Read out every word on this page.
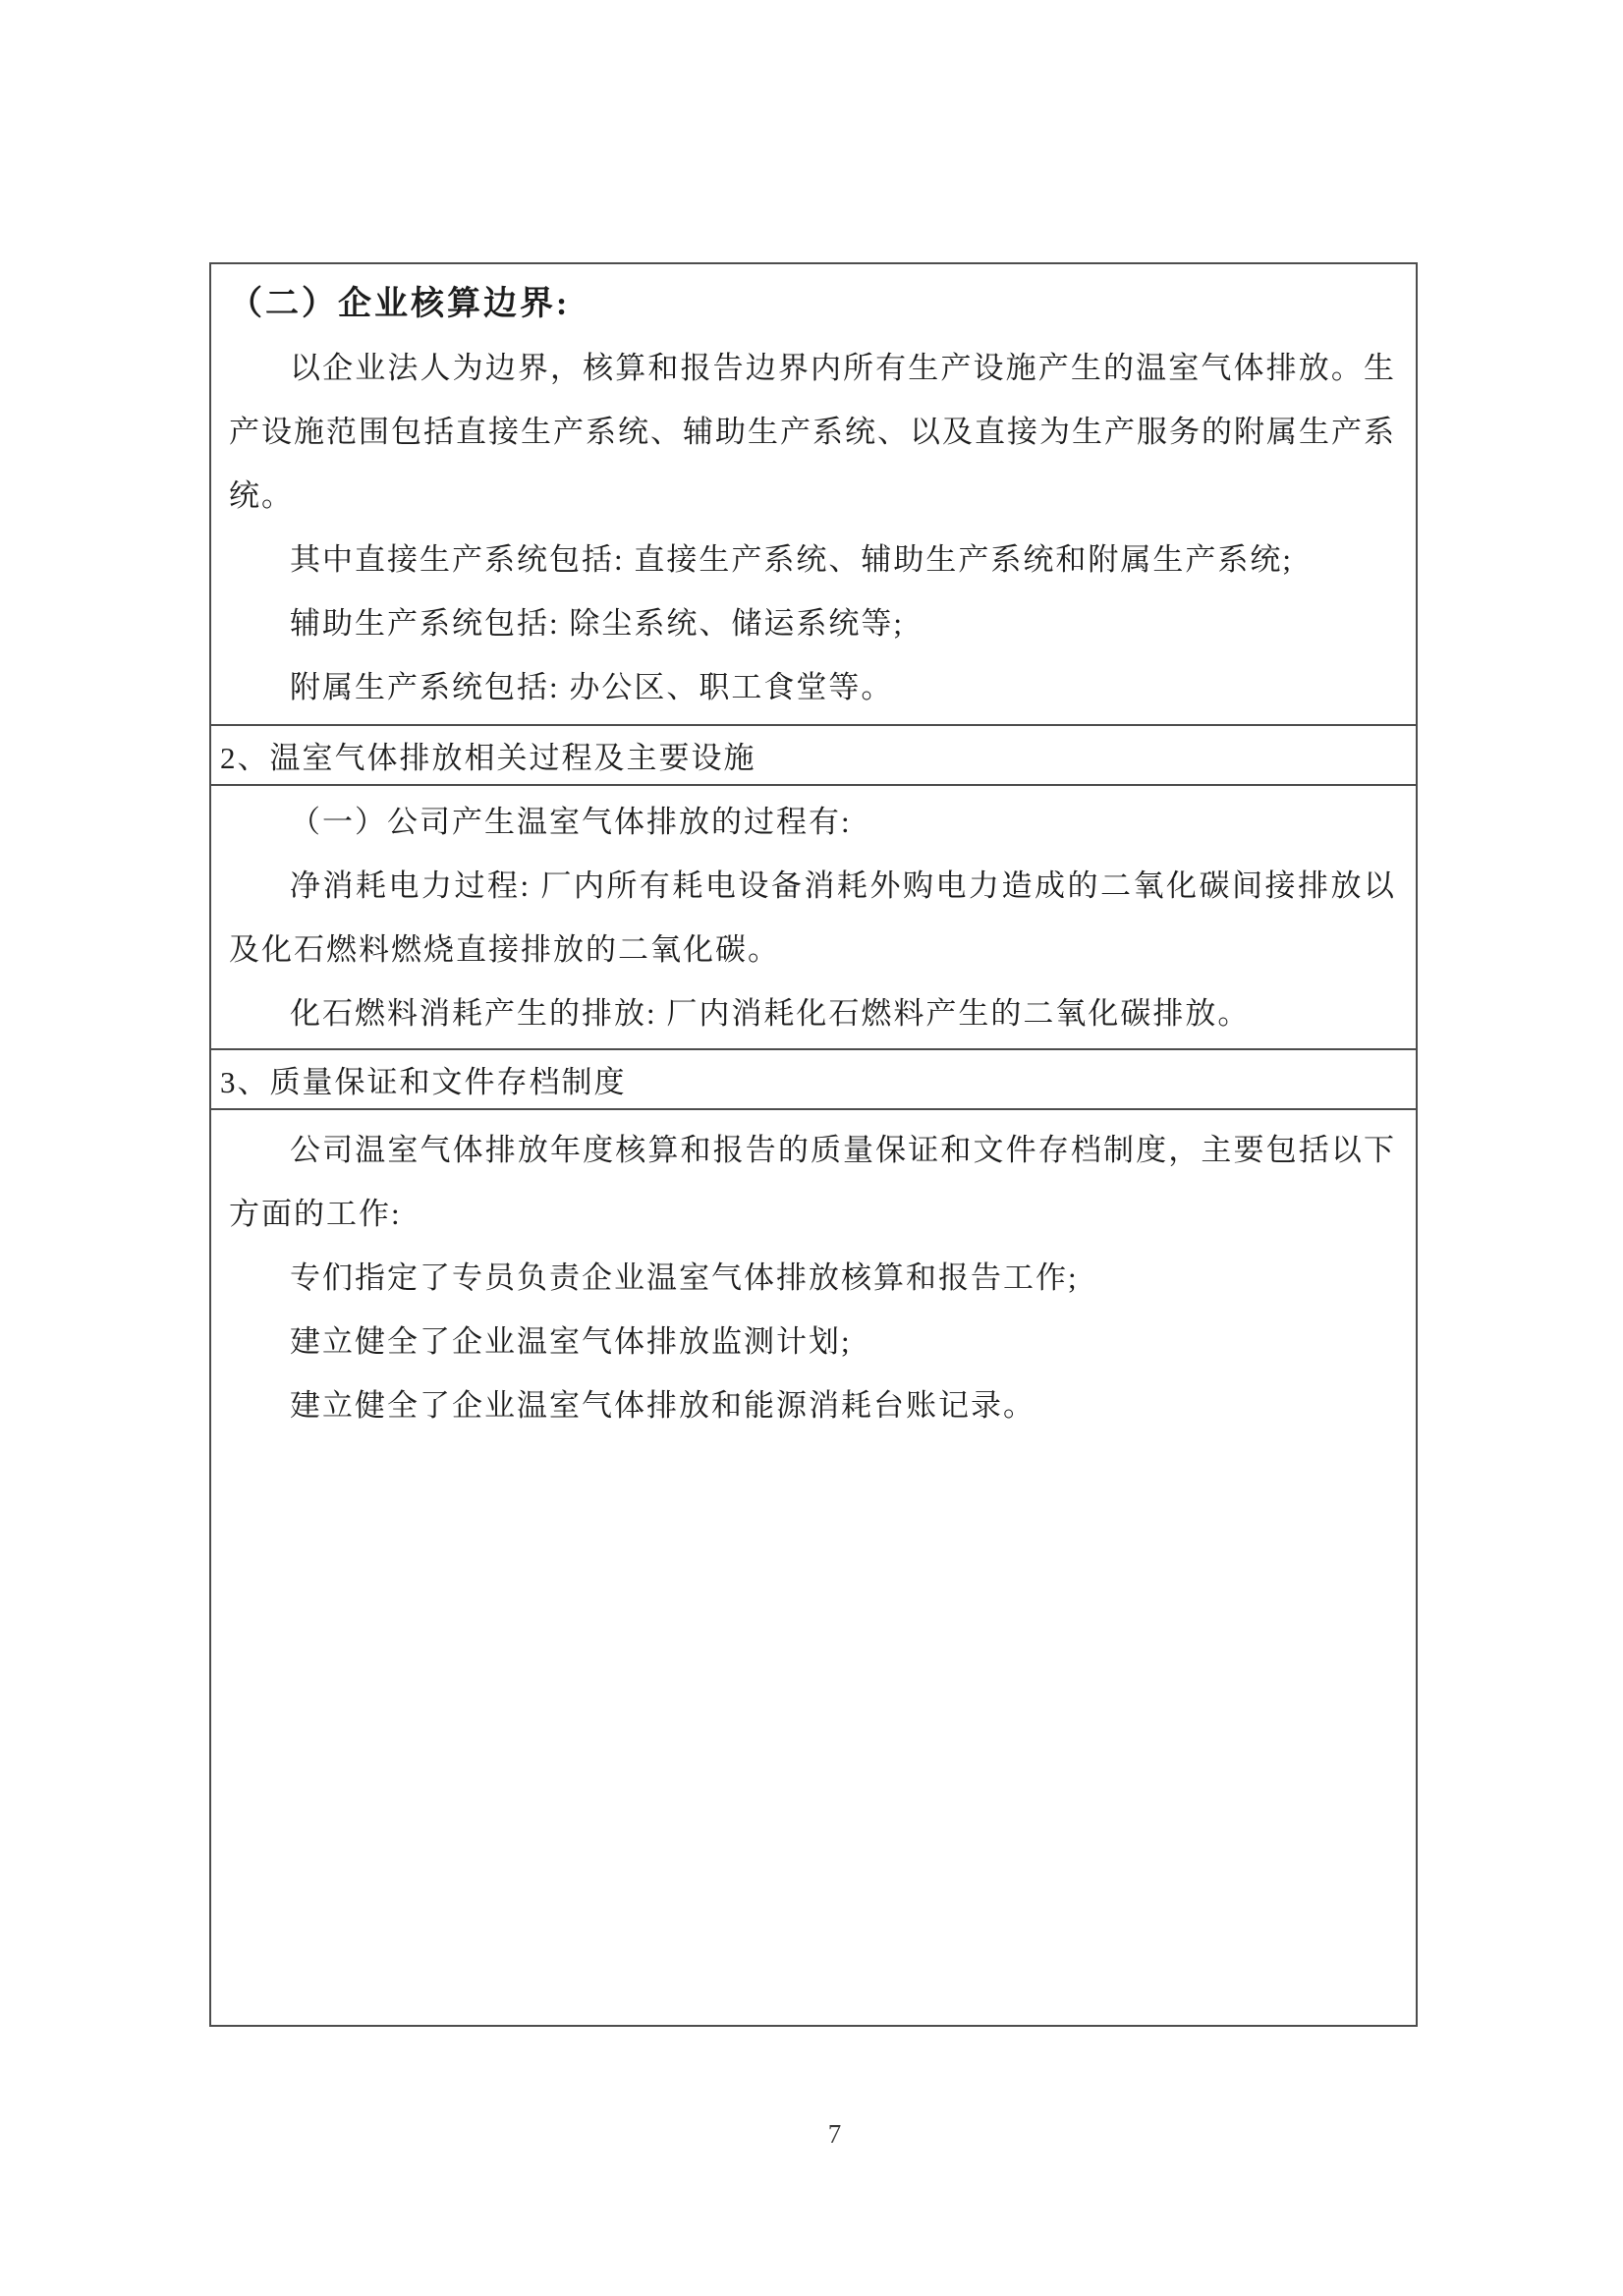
（二）企业核算边界:

以企业法人为边界，核算和报告边界内所有生产设施产生的温室气体排放。生产设施范围包括直接生产系统、辅助生产系统、以及直接为生产服务的附属生产系统。

其中直接生产系统包括: 直接生产系统、辅助生产系统和附属生产系统;

辅助生产系统包括: 除尘系统、储运系统等;

附属生产系统包括: 办公区、职工食堂等。

2、温室气体排放相关过程及主要设施

（一）公司产生温室气体排放的过程有:

净消耗电力过程: 厂内所有耗电设备消耗外购电力造成的二氧化碳间接排放以及化石燃料燃烧直接排放的二氧化碳。

化石燃料消耗产生的排放: 厂内消耗化石燃料产生的二氧化碳排放。

3、质量保证和文件存档制度

公司温室气体排放年度核算和报告的质量保证和文件存档制度，主要包括以下方面的工作:

专们指定了专员负责企业温室气体排放核算和报告工作;

建立健全了企业温室气体排放监测计划;

建立健全了企业温室气体排放和能源消耗台账记录。

7
